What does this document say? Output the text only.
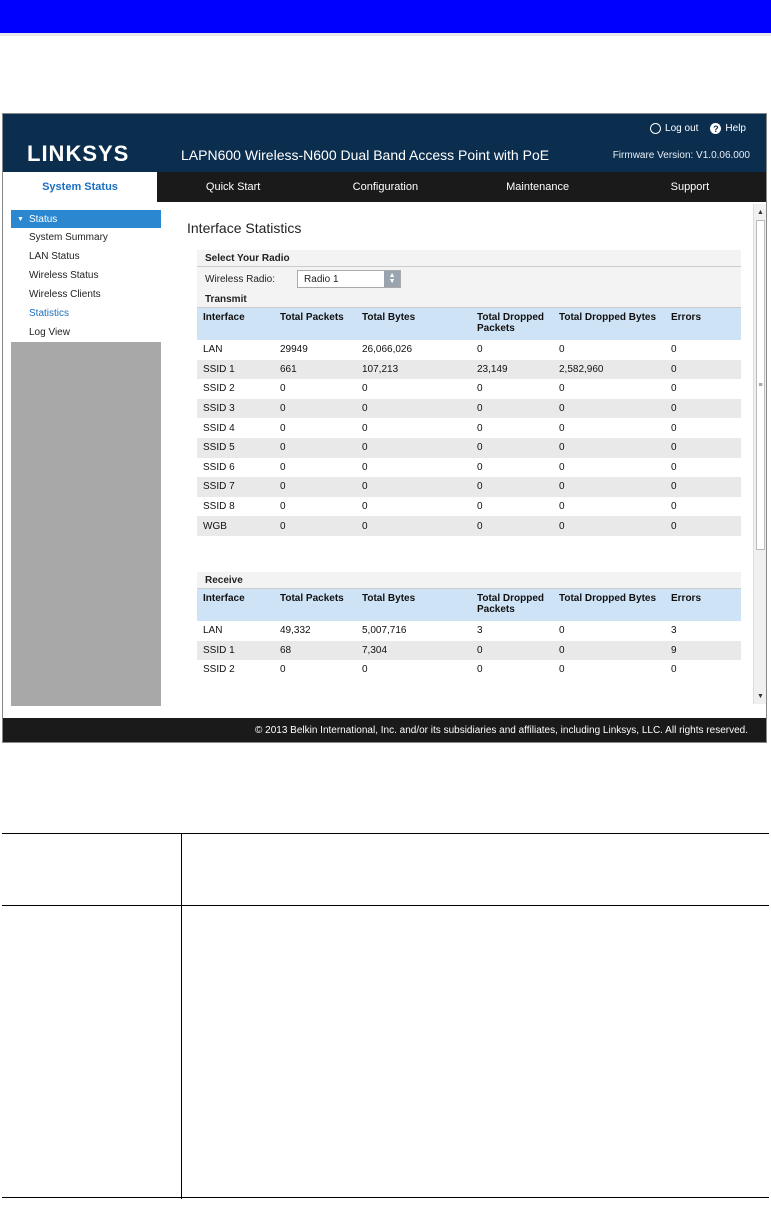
LINKSYS	LAPN600 Wireless-N600 Dual Band Access Point with PoE
Log out	? Help
Firmware Version: V1.0.06.000
System Status	Quick Start	Configuration	Maintenance	Support
▼ Status
System Summary
LAN Status
Wireless Status
Wireless Clients
Statistics
Log View
Interface Statistics
Select Your Radio
Wireless Radio:	Radio 1	▲
▼
Transmit
Interface	Total Packets	Total Bytes	Total Dropped Packets	Total Dropped Bytes	Errors
LAN	29949	26,066,026	0	0	0
SSID 1	661	107,213	23,149	2,582,960	0
SSID 2	0	0	0	0	0
SSID 3	0	0	0	0	0
SSID 4	0	0	0	0	0
SSID 5	0	0	0	0	0
SSID 6	0	0	0	0	0
SSID 7	0	0	0	0	0
SSID 8	0	0	0	0	0
WGB	0	0	0	0	0
Receive
Interface	Total Packets	Total Bytes	Total Dropped Packets	Total Dropped Bytes	Errors
LAN	49,332	5,007,716	3	0	3
SSID 1	68	7,304	0	0	9
SSID 2	0	0	0	0	0
▲
≡
▼
© 2013 Belkin International, Inc. and/or its subsidiaries and affiliates, including Linksys, LLC. All rights reserved.
